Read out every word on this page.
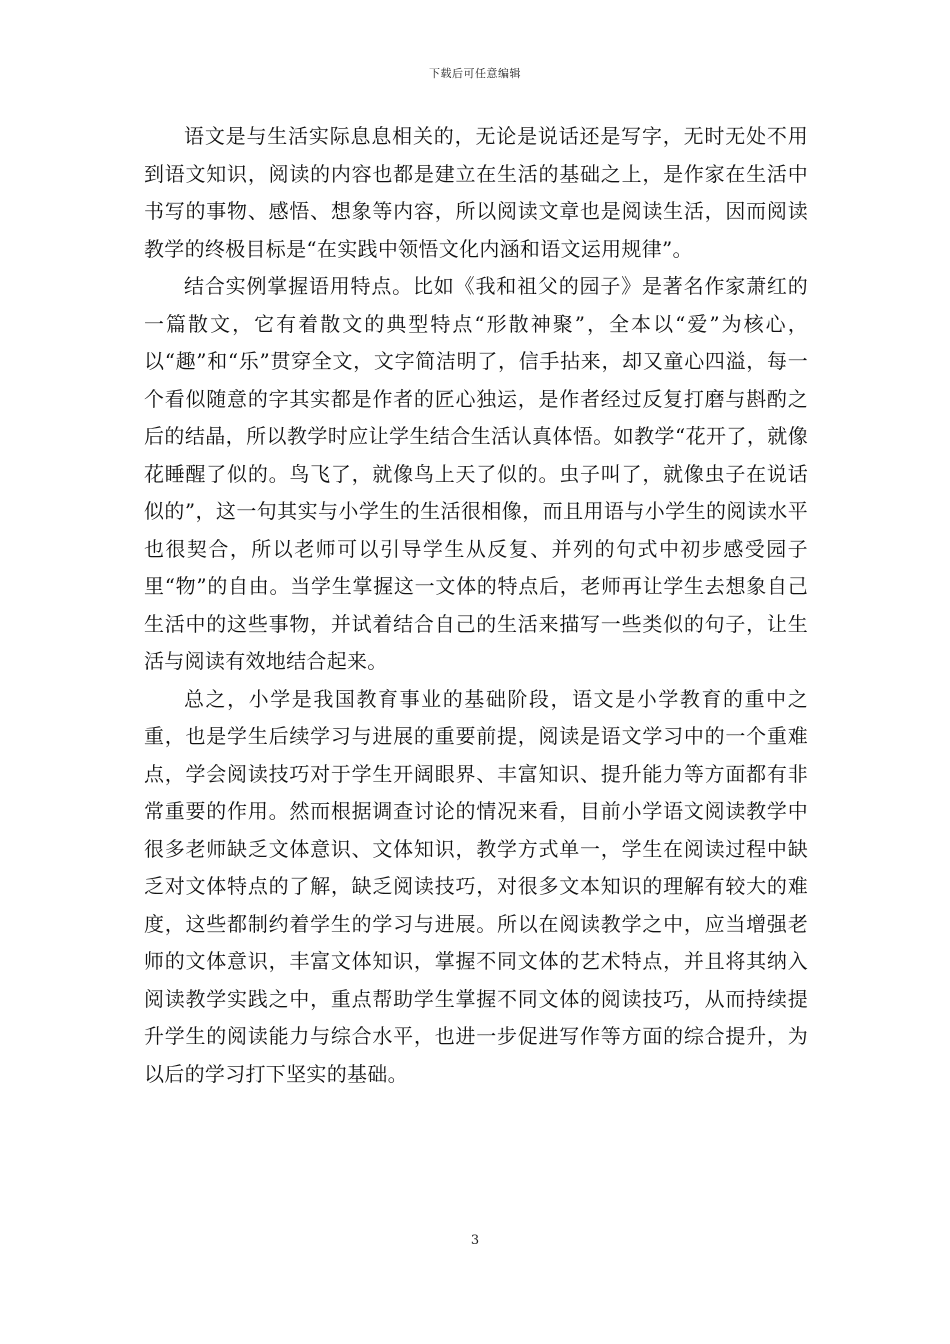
下载后可任意编辑

语文是与生活实际息息相关的，无论是说话还是写字，无时无处不用到语文知识，阅读的内容也都是建立在生活的基础之上，是作家在生活中书写的事物、感悟、想象等内容，所以阅读文章也是阅读生活，因而阅读教学的终极目标是“在实践中领悟文化内涵和语文运用规律”。

结合实例掌握语用特点。比如《我和祖父的园子》是著名作家萧红的一篇散文，它有着散文的典型特点“形散神聚”，全本以“爱”为核心，以“趣”和“乐”贯穿全文，文字简洁明了，信手拈来，却又童心四溢，每一个看似随意的字其实都是作者的匠心独运，是作者经过反复打磨与斟酌之后的结晶，所以教学时应让学生结合生活认真体悟。如教学“花开了，就像花睡醒了似的。鸟飞了，就像鸟上天了似的。虫子叫了，就像虫子在说话似的”，这一句其实与小学生的生活很相像，而且用语与小学生的阅读水平也很契合，所以老师可以引导学生从反复、并列的句式中初步感受园子里“物”的自由。当学生掌握这一文体的特点后，老师再让学生去想象自己生活中的这些事物，并试着结合自己的生活来描写一些类似的句子，让生活与阅读有效地结合起来。

总之，小学是我国教育事业的基础阶段，语文是小学教育的重中之重，也是学生后续学习与进展的重要前提，阅读是语文学习中的一个重难点，学会阅读技巧对于学生开阔眼界、丰富知识、提升能力等方面都有非常重要的作用。然而根据调查讨论的情况来看，目前小学语文阅读教学中很多老师缺乏文体意识、文体知识，教学方式单一，学生在阅读过程中缺乏对文体特点的了解，缺乏阅读技巧，对很多文本知识的理解有较大的难度，这些都制约着学生的学习与进展。所以在阅读教学之中，应当增强老师的文体意识，丰富文体知识，掌握不同文体的艺术特点，并且将其纳入阅读教学实践之中，重点帮助学生掌握不同文体的阅读技巧，从而持续提升学生的阅读能力与综合水平，也进一步促进写作等方面的综合提升，为以后的学习打下坚实的基础。

3
